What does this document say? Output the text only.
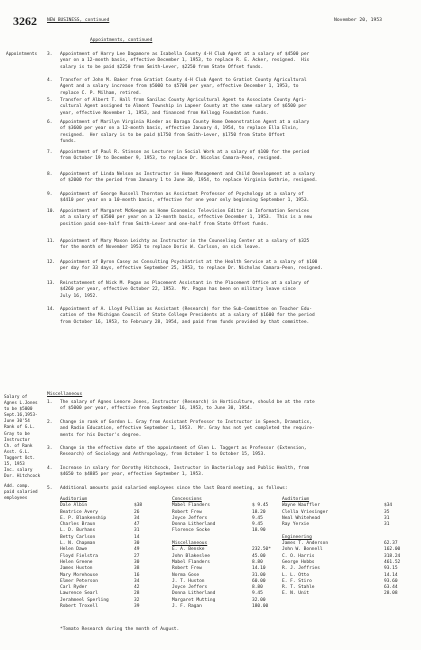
3262 NEW BUSINESS, continued	November 20, 1953
Appointments, continued
Appointments
Salary of
Agnes L.Jones
to be $5000
Sept.16,1953-
June 30'54
Rank of G.L.
Gray to be
Instructor
Ch. of Rank
Asst. G.L.
Taggert Oct.
15, 1953
Inc. salary
Dor. Hitchcock
Add. comp.
paid salaried
employees
3. Appointment of Harry Lee Dagamore as Isabella County 4-H Club Agent at a salary of $4500 per
year on a 12-month basis, effective December 1, 1953, to replace R. E. Acker, resigned.  His
salary is to be paid $2250 from Smith-Lever, $2250 from State Offset funds.
4. Transfer of John M. Baker from Gratiot County 4-H Club Agent to Gratiot County Agricultural
Agent and a salary increase from $5000 to $5700 per year, effective December 1, 1953, to
replace C. P. Milham, retired.
5. Transfer of Albert T. Hall from Sanilac County Agricultural Agent to Associate County Agri-
cultural Agent assigned to Almont Township in Lapeer County at the same salary of $6500 per
year, effective November 1, 1953, and financed from Kellogg Foundation funds.
6. Appointment of Marilyn Virginia Rieder as Baraga County Home Demonstration Agent at a salary
of $3600 per year on a 12-month basis, effective January 4, 1954, to replace Ella Elvin,
resigned.  Her salary is to be paid $1750 from Smith-Lever, $1750 from State Offset
funds.
7. Appointment of Paul R. Stinson as Lecturer in Social Work at a salary of $100 for the period
from October 19 to December 9, 1953, to replace Dr. Nicolas Camara-Peon, resigned.
8. Appointment of Linda Nelson as Instructor in Home Management and Child Development at a salary
of $2000 for the period from January 1 to June 30, 1954, to replace Virginia Guthrie, resigned.
9. Appointment of George Russell Thornton as Assistant Professor of Psychology at a salary of
$4410 per year on a 10-month basis, effective for one year only beginning September 1, 1953.
10. Appointment of Margaret McKeegan as Home Economics Television Editor in Information Services
at a salary of $3500 per year on a 12-month basis, effective December 1, 1953.  This is a new
position paid one-half from Smith-Lever and one-half from State Offset funds.
11. Appointment of Mary Mason Leichty as Instructor in the Counseling Center at a salary of $325
for the month of November 1953 to replace Doris W. Carlson, on sick leave.
12. Appointment of Byron Casey as Consulting Psychiatrist at the Health Service at a salary of $100
per day for 33 days, effective September 25, 1953, to replace Dr. Nicholas Camara-Peon, resigned.
13. Reinstatement of Nick M. Pagan as Placement Assistant in the Placement Office at a salary of
$4260 per year, effective October 22, 1953.  Mr. Pagan has been on military leave since
July 16, 1952.
14. Appointment of A. Lloyd Pulliam as Assistant (Research) for the Sub-Committee on Teacher Edu-
cation of the Michigan Council of State College Presidents at a salary of $1600 for the period
from October 16, 1953, to February 28, 1954, and paid from funds provided by that committee.
Miscellaneous
1. The salary of Agnes Lenore Jones, Instructor (Research) in Horticulture, should be at the rate
of $5000 per year, effective from September 16, 1953, to June 30, 1954.
2. Change in rank of Gordon L. Gray from Assistant Professor to Instructor in Speech, Dramatics,
and Radio Education, effective September 1, 1953.  Mr. Gray has not yet completed the require-
ments for his Doctor's degree.
3. Change in the effective date of the appointment of Glen L. Taggert as Professor (Extension,
Research) of Sociology and Anthropology, from October 1 to October 15, 1953.
4. Increase in salary for Dorothy Hitchcock, Instructor in Bacteriology and Public Health, from
$4650 to $4885 per year, effective September 1, 1953.
5. Additional amounts paid salaried employees since the last Board meeting, as follows:
Auditorium
Dale Albin	$38
Beatrice Avery	26
E. P. Blankenship	34
Charles Braun	47
L. D. Burhans	31
Betty Carlson	14
L. N. Chapman	30
Helen Dawe	49
Floyd Fielstra	27
Helen Greene	30
James Huston	38
Mary Morehouse	16
Elmer Peterson	34
Carl Ryder	42
Lawrence Searl	28
Jerahmeel Sperling	32
Robert Troxell	39
Concessions
Mabel Flanders	$ 9.45
Robert Frew	18.20
Joyce Jeffers	9.45
Donna Litherland	9.45
Florence Socke	18.90
Miscellaneous
E. A. Benske	232.50*
John Blakeslee	45.00
Mabel Flanders	8.80
Robert Frew	14.10
Norma Gose	31.00
J. T. Huston	60.00
Joyce Jeffers	8.80
Donna Litherland	9.45
Margaret Mutting	32.00
J. F. Ragan	180.00
Auditorium
Wayne Wauffler	$34
Clella Vriesinger	35
Neal Whitehead	31
Ray Yerxie	31
Engineering
James T. Anderson	62.37
John W. Bonnell	162.00
C. O. Harris	318.24
George Hobbs	461.52
R. J. Jeffries	93.15
L. L. Otto	14.14
E. F. Stiro	93.60
R. T. Stahle	63.44
E. N. Unit	28.08
*Tomato Research during the month of August.
